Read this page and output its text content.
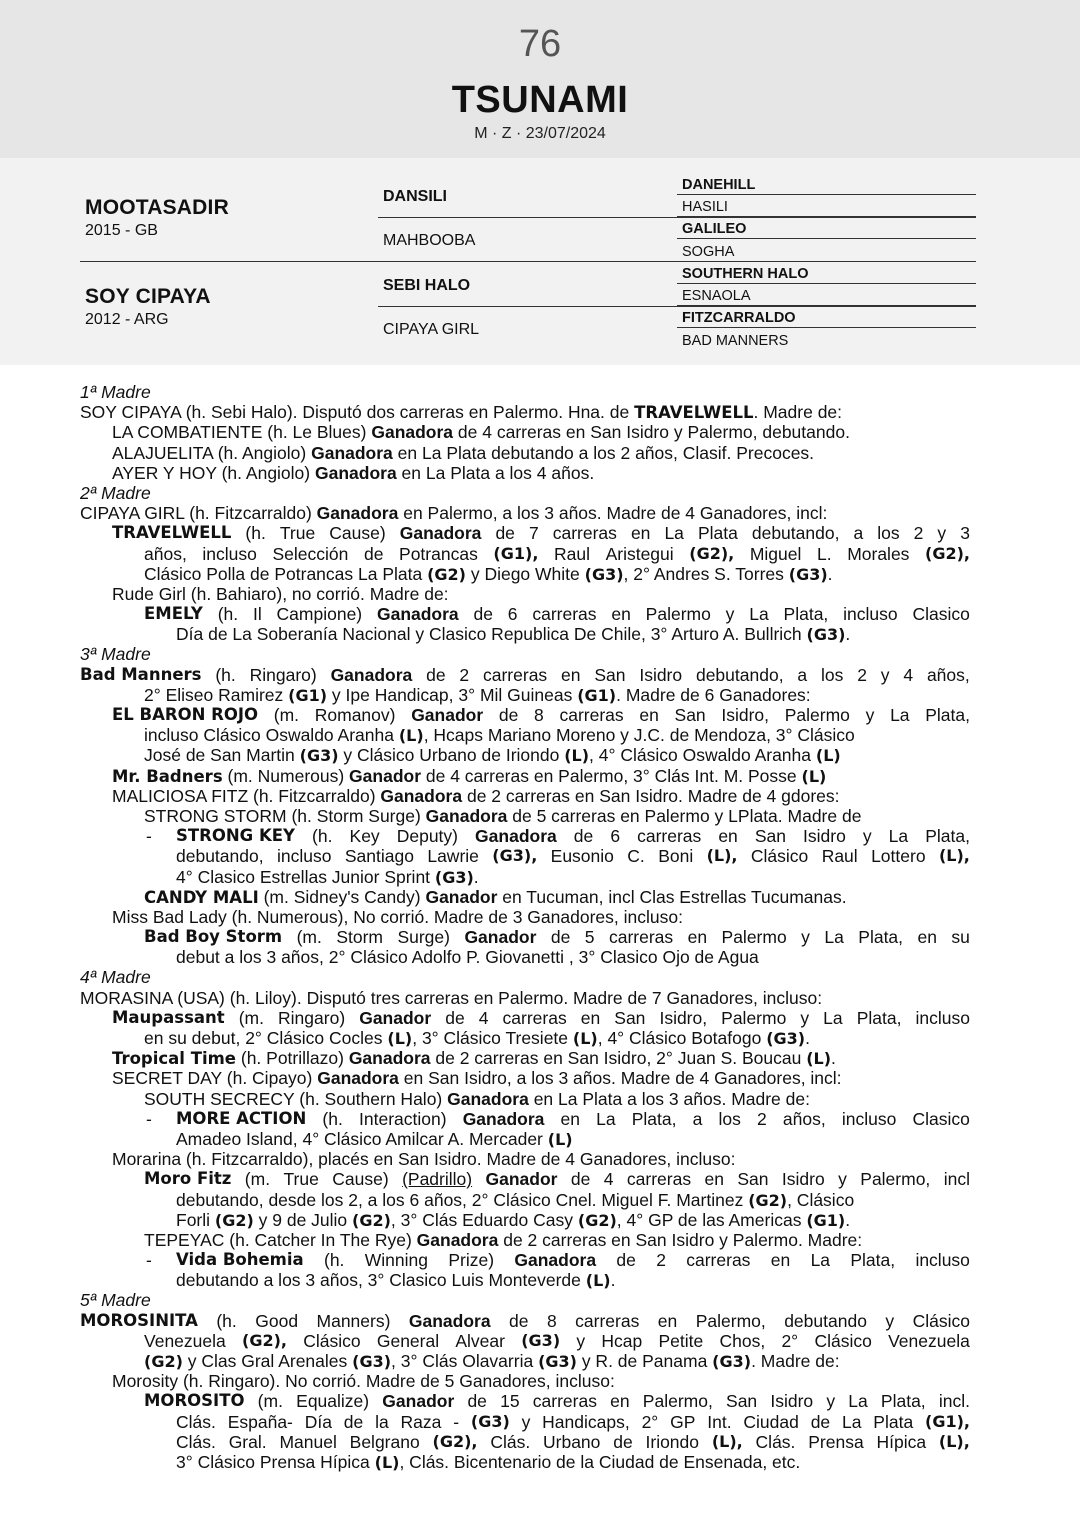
76
TSUNAMI
M · Z · 23/07/2024
MOOTASADIR
2015 - GB
SOY CIPAYA
2012 - ARG
DANSILI
MAHBOOBA
SEBI HALO
CIPAYA GIRL
DANEHILL
HASILI
GALILEO
SOGHA
SOUTHERN HALO
ESNAOLA
FITZCARRALDO
BAD MANNERS
1ª Madre
SOY CIPAYA (h. Sebi Halo). Disputó dos carreras en Palermo. Hna. de TRAVELWELL. Madre de:
LA COMBATIENTE (h. Le Blues) Ganadora de 4 carreras en San Isidro y Palermo, debutando.
ALAJUELITA (h. Angiolo) Ganadora en La Plata debutando a los 2 años, Clasif. Precoces.
AYER Y HOY (h. Angiolo) Ganadora en La Plata a los 4 años.
2ª Madre
CIPAYA GIRL (h. Fitzcarraldo) Ganadora en Palermo, a los 3 años. Madre de 4 Ganadores, incl:
TRAVELWELL (h. True Cause) Ganadora de 7 carreras en La Plata debutando, a los 2 y 3
años, incluso Selección de Potrancas (G1), Raul Aristegui (G2), Miguel L. Morales (G2),
Clásico Polla de Potrancas La Plata (G2) y Diego White (G3), 2° Andres S. Torres (G3).
Rude Girl (h. Bahiaro), no corrió. Madre de:
EMELY (h. Il Campione) Ganadora de 6 carreras en Palermo y La Plata, incluso Clasico
Día de La Soberanía Nacional y Clasico Republica De Chile, 3° Arturo A. Bullrich (G3).
3ª Madre
Bad Manners (h. Ringaro) Ganadora de 2 carreras en San Isidro debutando, a los 2 y 4 años,
2° Eliseo Ramirez (G1) y Ipe Handicap, 3° Mil Guineas (G1). Madre de 6 Ganadores:
EL BARON ROJO (m. Romanov) Ganador de 8 carreras en San Isidro, Palermo y La Plata,
incluso Clásico Oswaldo Aranha (L), Hcaps Mariano Moreno y J.C. de Mendoza, 3° Clásico
José de San Martin (G3) y Clásico Urbano de Iriondo (L), 4° Clásico Oswaldo Aranha (L)
Mr. Badners (m. Numerous) Ganador de 4 carreras en Palermo, 3° Clás Int. M. Posse (L)
MALICIOSA FITZ (h. Fitzcarraldo) Ganadora de 2 carreras en San Isidro. Madre de 4 gdores:
STRONG STORM (h. Storm Surge) Ganadora de 5 carreras en Palermo y LPlata. Madre de
- STRONG KEY (h. Key Deputy) Ganadora de 6 carreras en San Isidro y La Plata,
debutando, incluso Santiago Lawrie (G3), Eusonio C. Boni (L), Clásico Raul Lottero (L),
4° Clasico Estrellas Junior Sprint (G3).
CANDY MALI (m. Sidney's Candy) Ganador en Tucuman, incl Clas Estrellas Tucumanas.
Miss Bad Lady (h. Numerous), No corrió. Madre de 3 Ganadores, incluso:
Bad Boy Storm (m. Storm Surge) Ganador de 5 carreras en Palermo y La Plata, en su
debut a los 3 años, 2° Clásico Adolfo P. Giovanetti , 3° Clasico Ojo de Agua
4ª Madre
MORASINA (USA) (h. Liloy). Disputó tres carreras en Palermo. Madre de 7 Ganadores, incluso:
Maupassant (m. Ringaro) Ganador de 4 carreras en San Isidro, Palermo y La Plata, incluso
en su debut, 2° Clásico Cocles (L), 3° Clásico Tresiete (L), 4° Clásico Botafogo (G3).
Tropical Time (h. Potrillazo) Ganadora de 2 carreras en San Isidro, 2° Juan S. Boucau (L).
SECRET DAY (h. Cipayo) Ganadora en San Isidro, a los 3 años. Madre de 4 Ganadores, incl:
SOUTH SECRECY (h. Southern Halo) Ganadora en La Plata a los 3 años. Madre de:
- MORE ACTION (h. Interaction) Ganadora en La Plata, a los 2 años, incluso Clasico
Amadeo Island, 4° Clásico Amilcar A. Mercader (L)
Morarina (h. Fitzcarraldo), placés en San Isidro. Madre de 4 Ganadores, incluso:
Moro Fitz (m. True Cause) (Padrillo) Ganador de 4 carreras en San Isidro y Palermo, incl
debutando, desde los 2, a los 6 años, 2° Clásico Cnel. Miguel F. Martinez (G2), Clásico
Forli (G2) y 9 de Julio (G2), 3° Clás Eduardo Casy (G2), 4° GP de las Americas (G1).
TEPEYAC (h. Catcher In The Rye) Ganadora de 2 carreras en San Isidro y Palermo. Madre:
- Vida Bohemia (h. Winning Prize) Ganadora de 2 carreras en La Plata, incluso
debutando a los 3 años, 3° Clasico Luis Monteverde (L).
5ª Madre
MOROSINITA (h. Good Manners) Ganadora de 8 carreras en Palermo, debutando y Clásico
Venezuela (G2), Clásico General Alvear (G3) y Hcap Petite Chos, 2° Clásico Venezuela
(G2) y Clas Gral Arenales (G3), 3° Clás Olavarria (G3) y R. de Panama (G3). Madre de:
Morosity (h. Ringaro). No corrió. Madre de 5 Ganadores, incluso:
MOROSITO (m. Equalize) Ganador de 15 carreras en Palermo, San Isidro y La Plata, incl.
Clás. España- Día de la Raza - (G3) y Handicaps, 2° GP Int. Ciudad de La Plata (G1),
Clás. Gral. Manuel Belgrano (G2), Clás. Urbano de Iriondo (L), Clás. Prensa Hípica (L),
3° Clásico Prensa Hípica (L), Clás. Bicentenario de la Ciudad de Ensenada, etc.
